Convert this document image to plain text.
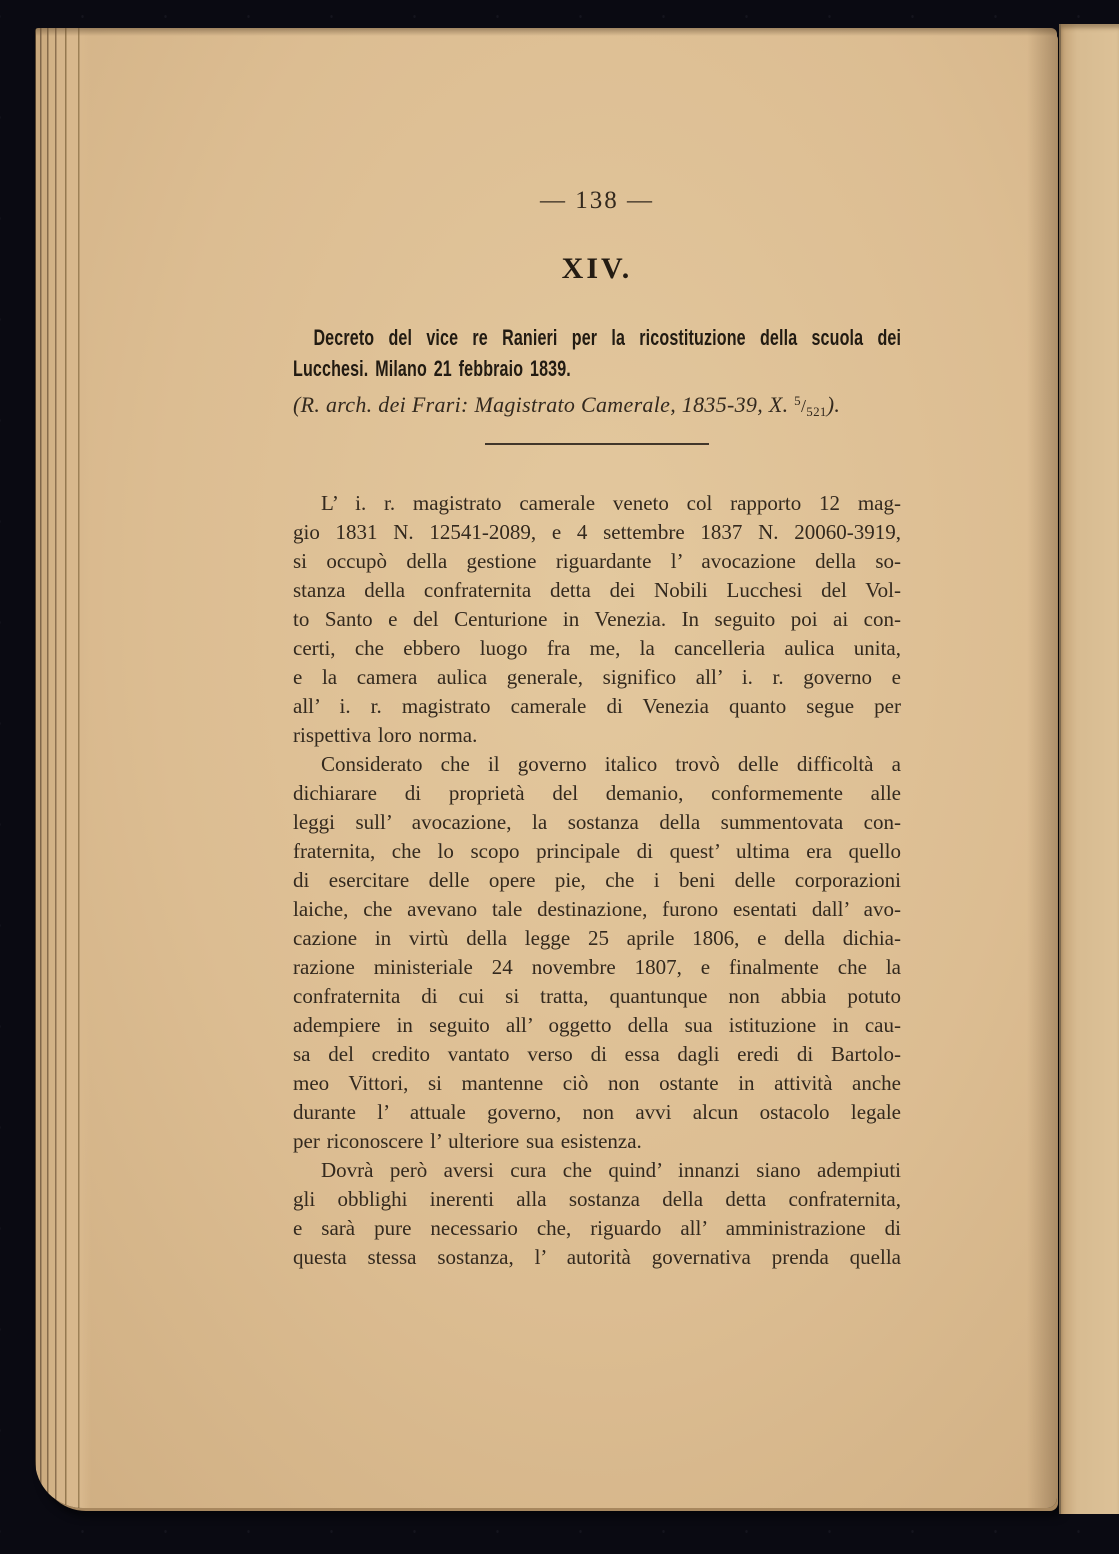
— 138 —
XIV.
Decreto del vice re Ranieri per la ricostituzione della scuola dei
Lucchesi. Milano 21 febbraio 1839.
(R. arch. dei Frari: Magistrato Camerale, 1835-39, X. $^5/_{521}$).
L’ i. r. magistrato camerale veneto col rapporto 12 mag-
gio 1831 N. 12541-2089, e 4 settembre 1837 N. 20060-3919,
si occupò della gestione riguardante l’ avocazione della so-
stanza della confraternita detta dei Nobili Lucchesi del Vol-
to Santo e del Centurione in Venezia. In seguito poi ai con-
certi, che ebbero luogo fra me, la cancelleria aulica unita,
e la camera aulica generale, significo all’ i. r. governo e
all’ i. r. magistrato camerale di Venezia quanto segue per
rispettiva loro norma.
Considerato che il governo italico trovò delle difficoltà a
dichiarare di proprietà del demanio, conformemente alle
leggi sull’ avocazione, la sostanza della summentovata con-
fraternita, che lo scopo principale di quest’ ultima era quello
di esercitare delle opere pie, che i beni delle corporazioni
laiche, che avevano tale destinazione, furono esentati dall’ avo-
cazione in virtù della legge 25 aprile 1806, e della dichia-
razione ministeriale 24 novembre 1807, e finalmente che la
confraternita di cui si tratta, quantunque non abbia potuto
adempiere in seguito all’ oggetto della sua istituzione in cau-
sa del credito vantato verso di essa dagli eredi di Bartolo-
meo Vittori, si mantenne ciò non ostante in attività anche
durante l’ attuale governo, non avvi alcun ostacolo legale
per riconoscere l’ ulteriore sua esistenza.
Dovrà però aversi cura che quind’ innanzi siano adempiuti
gli obblighi inerenti alla sostanza della detta confraternita,
e sarà pure necessario che, riguardo all’ amministrazione di
questa stessa sostanza, l’ autorità governativa prenda quella
